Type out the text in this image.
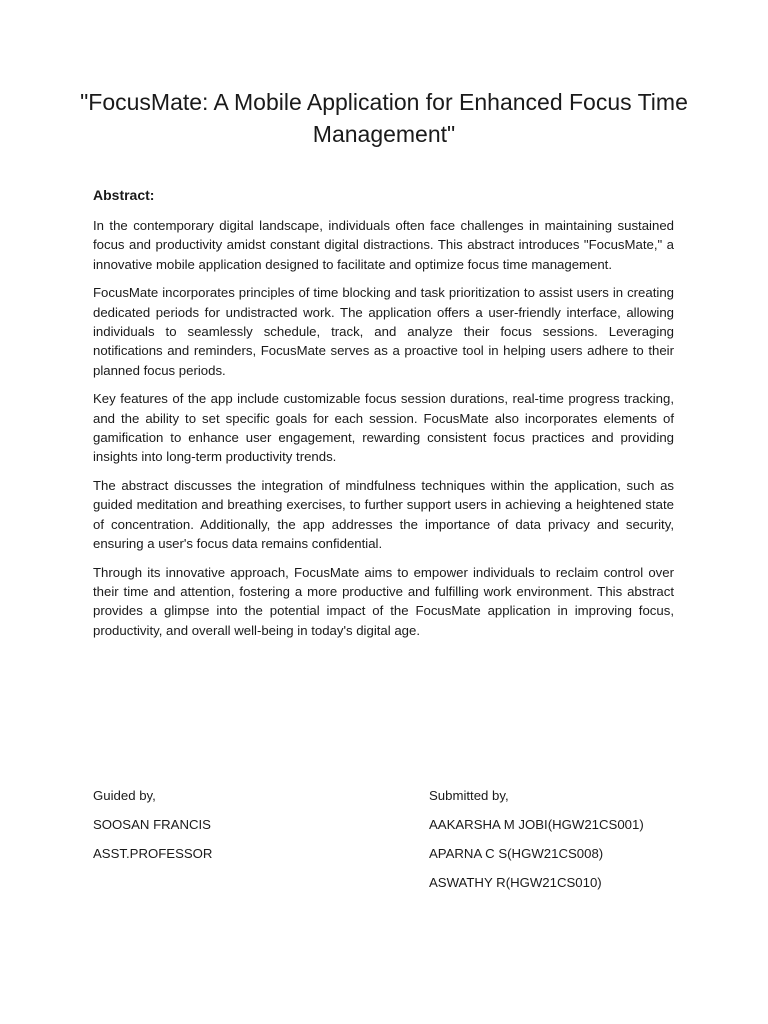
"FocusMate: A Mobile Application for Enhanced Focus Time Management"
Abstract:

In the contemporary digital landscape, individuals often face challenges in maintaining sustained focus and productivity amidst constant digital distractions. This abstract introduces "FocusMate," a innovative mobile application designed to facilitate and optimize focus time management.

FocusMate incorporates principles of time blocking and task prioritization to assist users in creating dedicated periods for undistracted work. The application offers a user-friendly interface, allowing individuals to seamlessly schedule, track, and analyze their focus sessions. Leveraging notifications and reminders, FocusMate serves as a proactive tool in helping users adhere to their planned focus periods.

Key features of the app include customizable focus session durations, real-time progress tracking, and the ability to set specific goals for each session. FocusMate also incorporates elements of gamification to enhance user engagement, rewarding consistent focus practices and providing insights into long-term productivity trends.

The abstract discusses the integration of mindfulness techniques within the application, such as guided meditation and breathing exercises, to further support users in achieving a heightened state of concentration. Additionally, the app addresses the importance of data privacy and security, ensuring a user's focus data remains confidential.

Through its innovative approach, FocusMate aims to empower individuals to reclaim control over their time and attention, fostering a more productive and fulfilling work environment. This abstract provides a glimpse into the potential impact of the FocusMate application in improving focus, productivity, and overall well-being in today's digital age.

Guided by,
SOOSAN FRANCIS
ASST.PROFESSOR
Submitted by,
AAKARSHA M JOBI(HGW21CS001)
APARNA C S(HGW21CS008)
ASWATHY R(HGW21CS010)
